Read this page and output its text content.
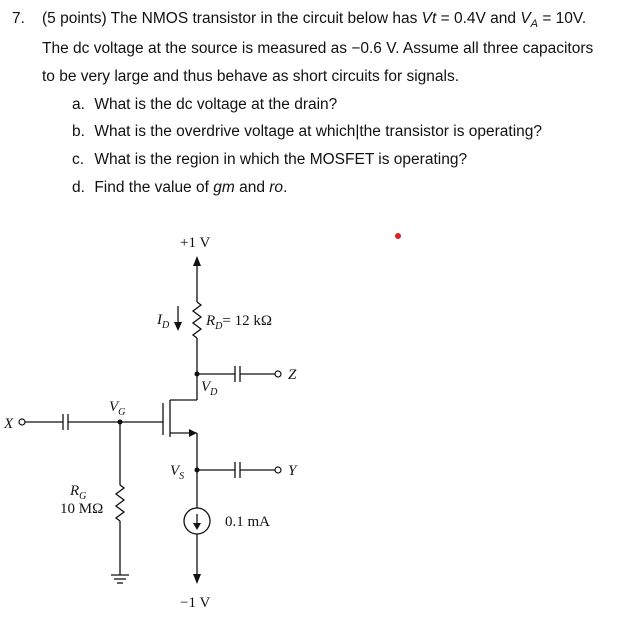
7. (5 points) The NMOS transistor in the circuit below has Vt = 0.4V and $V_A = 10V$.
The dc voltage at the source is measured as −0.6 V. Assume all three capacitors
to be very large and thus behave as short circuits for signals.
a. What is the dc voltage at the drain?
b. What is the overdrive voltage at which|the transistor is operating?
c. What is the region in which the MOSFET is operating?
d. Find the value of gm and ro.
+1 V
$I_D$ $R_D= 12$ kΩ
Z
$V_D$
$V_G$
X
$R_G$
10 MΩ
$V_S$	Y
0.1 mA
−1 V
